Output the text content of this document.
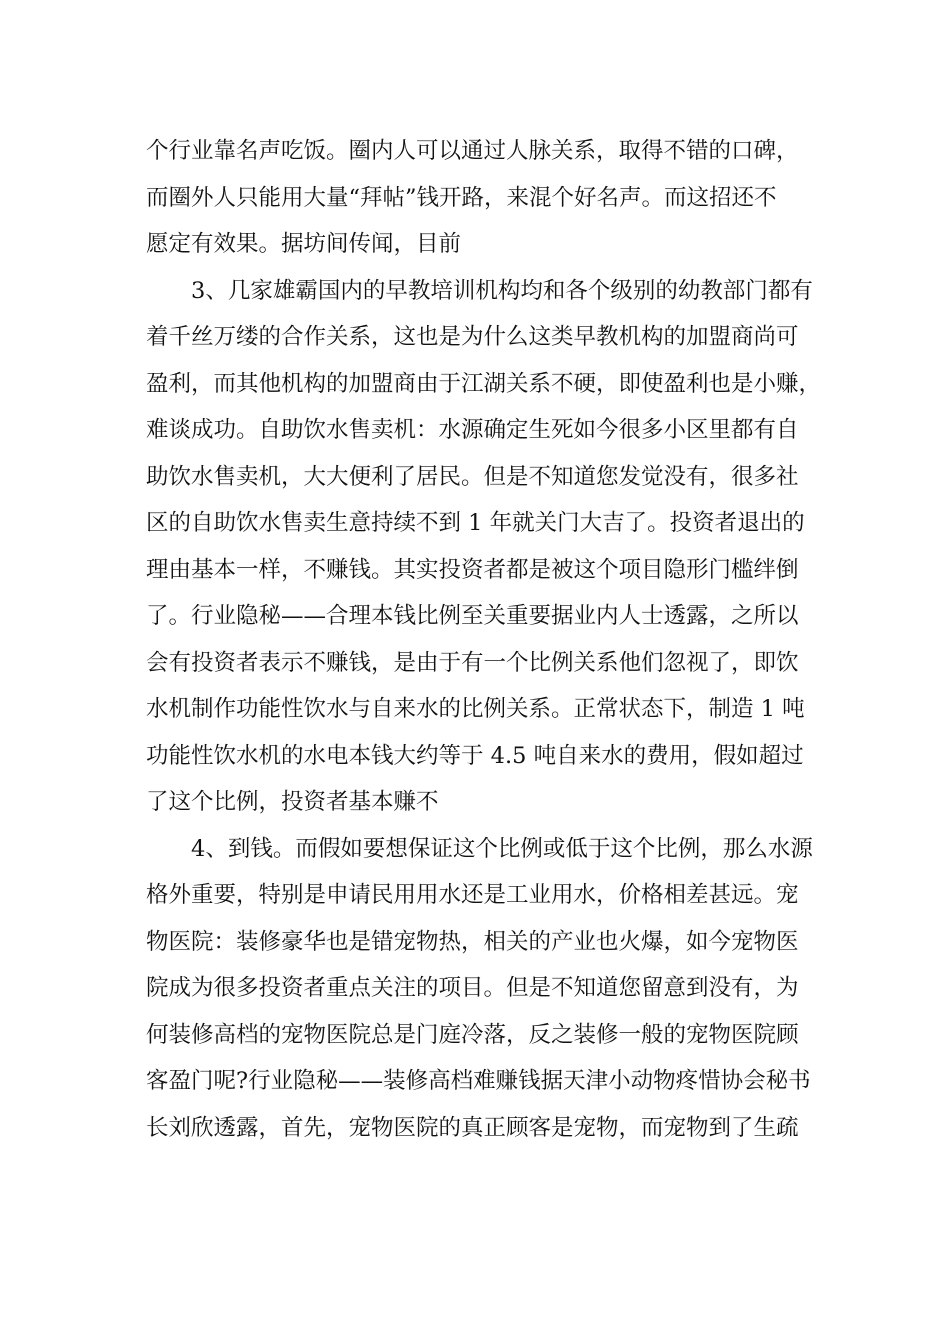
个行业靠名声吃饭。圈内人可以通过人脉关系，取得不错的口碑，
而圈外人只能用大量“拜帖”钱开路，来混个好名声。而这招还不
愿定有效果。据坊间传闻，目前
3、几家雄霸国内的早教培训机构均和各个级别的幼教部门都有
着千丝万缕的合作关系，这也是为什么这类早教机构的加盟商尚可
盈利，而其他机构的加盟商由于江湖关系不硬，即使盈利也是小赚，
难谈成功。自助饮水售卖机：水源确定生死如今很多小区里都有自
助饮水售卖机，大大便利了居民。但是不知道您发觉没有，很多社
区的自助饮水售卖生意持续不到 1 年就关门大吉了。投资者退出的
理由基本一样，不赚钱。其实投资者都是被这个项目隐形门槛绊倒
了。行业隐秘——合理本钱比例至关重要据业内人士透露，之所以
会有投资者表示不赚钱，是由于有一个比例关系他们忽视了，即饮
水机制作功能性饮水与自来水的比例关系。正常状态下，制造 1 吨
功能性饮水机的水电本钱大约等于 4.5 吨自来水的费用，假如超过
了这个比例，投资者基本赚不
4、到钱。而假如要想保证这个比例或低于这个比例，那么水源
格外重要，特别是申请民用用水还是工业用水，价格相差甚远。宠
物医院：装修豪华也是错宠物热，相关的产业也火爆，如今宠物医
院成为很多投资者重点关注的项目。但是不知道您留意到没有，为
何装修高档的宠物医院总是门庭冷落，反之装修一般的宠物医院顾
客盈门呢?行业隐秘——装修高档难赚钱据天津小动物疼惜协会秘书
长刘欣透露，首先，宠物医院的真正顾客是宠物，而宠物到了生疏
